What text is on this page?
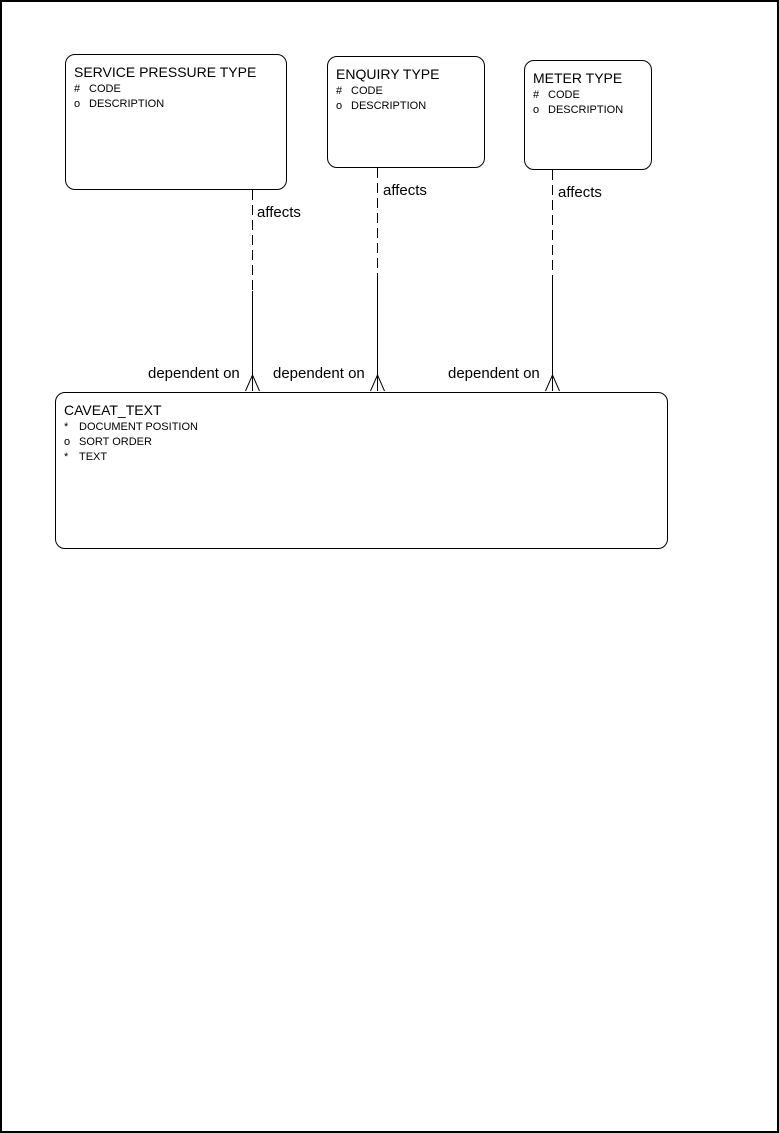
SERVICE PRESSURE TYPE
# CODE
o DESCRIPTION
ENQUIRY TYPE
# CODE
o DESCRIPTION
METER TYPE
# CODE
o DESCRIPTION
CAVEAT_TEXT
* DOCUMENT POSITION
o SORT ORDER
* TEXT
affects
affects	affects
dependent on dependent on	dependent on
